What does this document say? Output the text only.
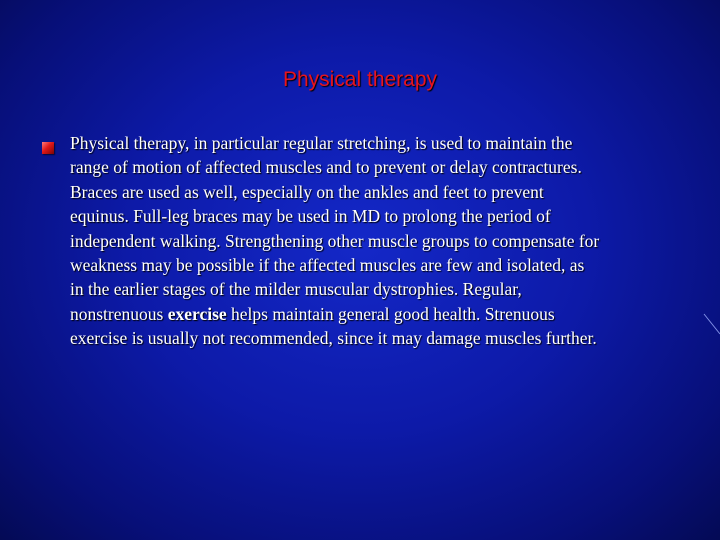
Physical therapy
Physical therapy, in particular regular stretching, is used to maintain the
range of motion of affected muscles and to prevent or delay contractures.
Braces are used as well, especially on the ankles and feet to prevent
equinus. Full-leg braces may be used in MD to prolong the period of
independent walking. Strengthening other muscle groups to compensate for
weakness may be possible if the affected muscles are few and isolated, as
in the earlier stages of the milder muscular dystrophies. Regular,
nonstrenuous exercise helps maintain general good health. Strenuous
exercise is usually not recommended, since it may damage muscles further.
